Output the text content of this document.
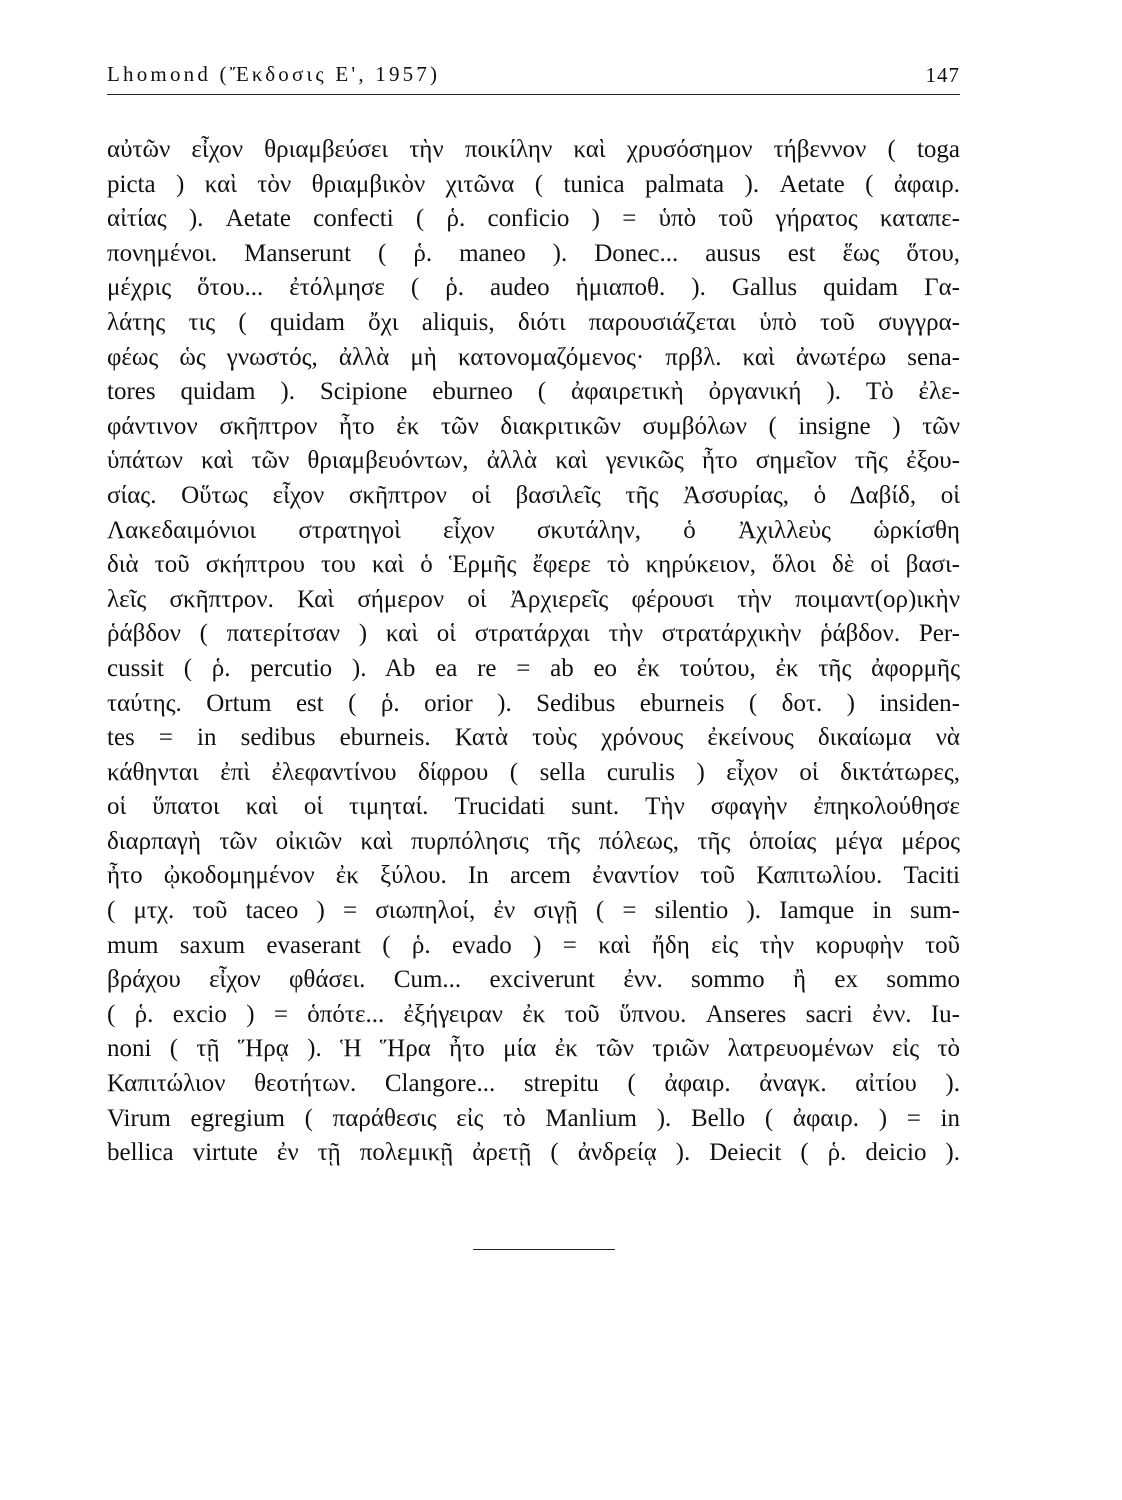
Lhomond (Ἔκδοσις Ε', 1957)	147
αὐτῶν εἶχον θριαμβεύσει τὴν ποικίλην καὶ χρυσόσημον τήβεννον ( toga
picta ) καὶ τὸν θριαμβικὸν χιτῶνα ( tunica palmata ). Aetate ( ἀφαιρ.
αἰτίας ). Aetate confecti ( ῥ. conficio ) = ὑπὸ τοῦ γήρατος καταπε-
πονημένοι. Manserunt ( ῥ. maneo ). Donec... ausus est ἕως ὅτου,
μέχρις ὅτου... ἐτόλμησε ( ῥ. audeo ἡμιαποθ. ). Gallus quidam Γα-
λάτης τις ( quidam ὄχι aliquis, διότι παρουσιάζεται ὑπὸ τοῦ συγγρα-
φέως ὡς γνωστός, ἀλλὰ μὴ κατονομαζόμενος· πρβλ. καὶ ἀνωτέρω sena-
tores quidam ). Scipione eburneo ( ἀφαιρετικὴ ὀργανική ). Τὸ ἐλε-
φάντινον σκῆπτρον ἦτο ἐκ τῶν διακριτικῶν συμβόλων ( insigne ) τῶν
ὑπάτων καὶ τῶν θριαμβευόντων, ἀλλὰ καὶ γενικῶς ἦτο σημεῖον τῆς ἐξου-
σίας. Οὕτως εἶχον σκῆπτρον οἱ βασιλεῖς τῆς Ἀσσυρίας, ὁ Δαβίδ, οἱ
Λακεδαιμόνιοι στρατηγοὶ εἶχον σκυτάλην, ὁ Ἀχιλλεὺς ὡρκίσθη
διὰ τοῦ σκήπτρου του καὶ ὁ Ἑρμῆς ἔφερε τὸ κηρύκειον, ὅλοι δὲ οἱ βασι-
λεῖς σκῆπτρον. Καὶ σήμερον οἱ Ἀρχιερεῖς φέρουσι τὴν ποιμαντ(ορ)ικὴν
ῥάβδον ( πατερίτσαν ) καὶ οἱ στρατάρχαι τὴν στρατάρχικὴν ῥάβδον. Per-
cussit ( ῥ. percutio ). Ab ea re = ab eo ἐκ τούτου, ἐκ τῆς ἀφορμῆς
ταύτης. Ortum est ( ῥ. orior ). Sedibus eburneis ( δοτ. ) insiden-
tes = in sedibus eburneis. Κατὰ τοὺς χρόνους ἐκείνους δικαίωμα νὰ
κάθηνται ἐπὶ ἐλεφαντίνου δίφρου ( sella curulis ) εἶχον οἱ δικτάτωρες,
οἱ ὕπατοι καὶ οἱ τιμηταί. Trucidati sunt. Τὴν σφαγὴν ἐπηκολούθησε
διαρπαγὴ τῶν οἰκιῶν καὶ πυρπόλησις τῆς πόλεως, τῆς ὁποίας μέγα μέρος
ἦτο ᾠκοδομημένον ἐκ ξύλου. In arcem ἐναντίον τοῦ Καπιτωλίου. Taciti
( μτχ. τοῦ taceo ) = σιωπηλοί, ἐν σιγῇ ( = silentio ). Iamque in sum-
mum saxum evaserant ( ῥ. evado ) = καὶ ἤδη εἰς τὴν κορυφὴν τοῦ
βράχου εἶχον φθάσει. Cum... exciverunt ἐνν. sommo ἢ ex sommo
( ῥ. excio ) = ὁπότε... ἐξήγειραν ἐκ τοῦ ὕπνου. Anseres sacri ἐνν. Iu-
noni ( τῇ Ἥρᾳ ). Ἡ Ἥρα ἦτο μία ἐκ τῶν τριῶν λατρευομένων εἰς τὸ
Καπιτώλιον θεοτήτων. Clangore... strepitu ( ἀφαιρ. ἀναγκ. αἰτίου ).
Virum egregium ( παράθεσις εἰς τὸ Manlium ). Bello ( ἀφαιρ. ) = in
bellica virtute ἐν τῇ πολεμικῇ ἀρετῇ ( ἀνδρείᾳ ). Deiecit ( ῥ. deicio ).
